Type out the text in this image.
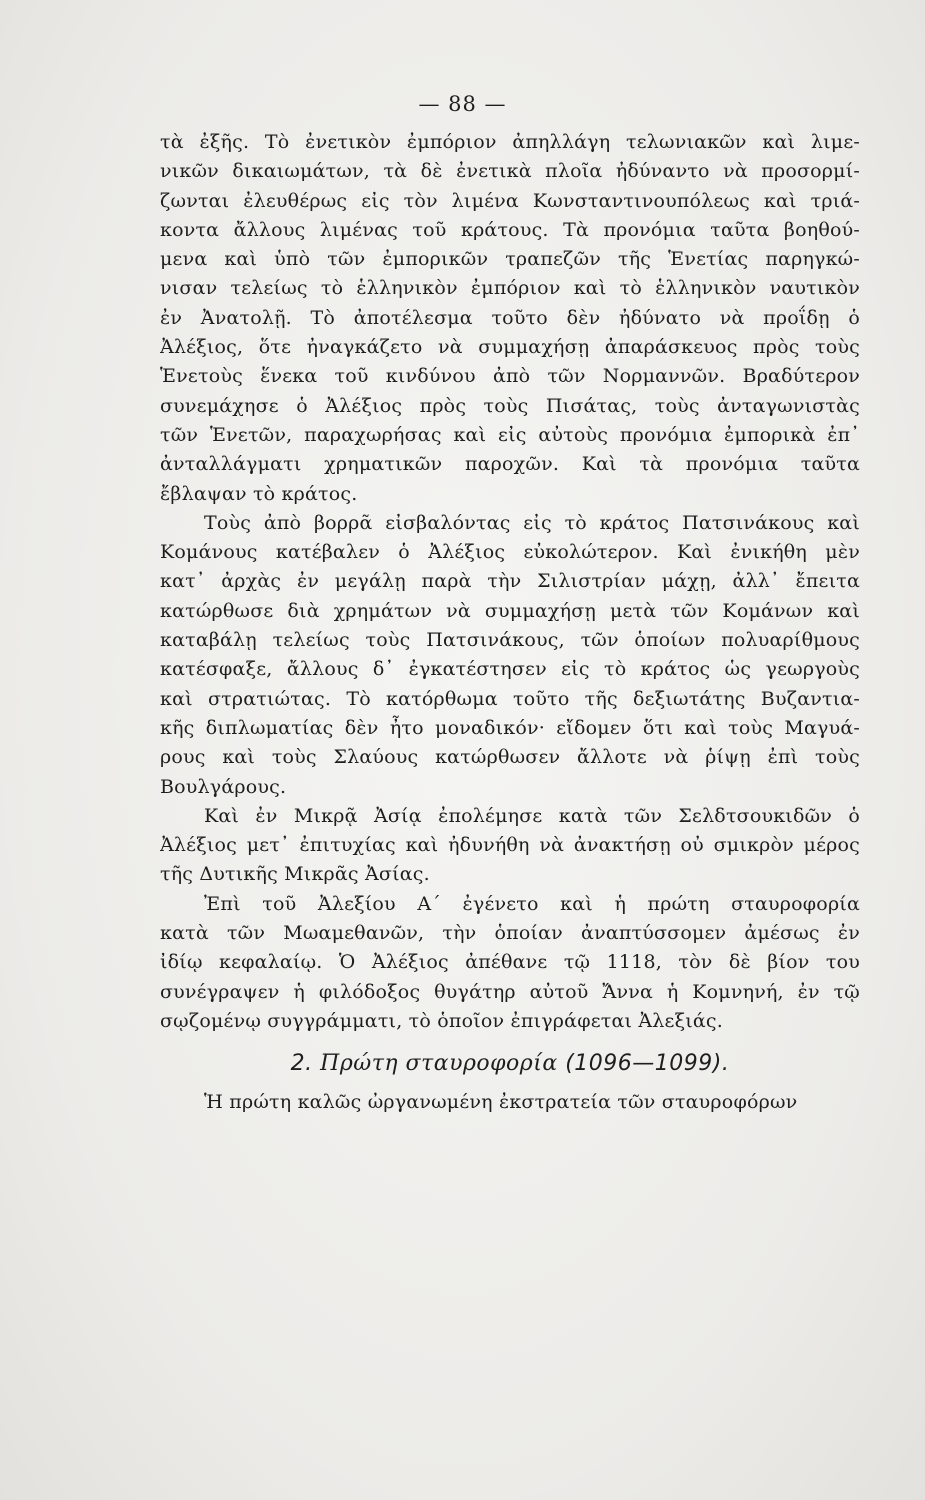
— 88 —
τὰ ἐξῆς. Τὸ ἐνετικὸν ἐμπόριον ἀπηλλάγη τελωνιακῶν καὶ λιμε-
νικῶν δικαιωμάτων, τὰ δὲ ἐνετικὰ πλοῖα ἠδύναντο νὰ προσορμί-
ζωνται ἐλευθέρως εἰς τὸν λιμένα Κωνσταντινουπόλεως καὶ τριά-
κοντα ἄλλους λιμένας τοῦ κράτους. Τὰ προνόμια ταῦτα βοηθού-
μενα καὶ ὑπὸ τῶν ἐμπορικῶν τραπεζῶν τῆς Ἑνετίας παρηγκώ-
νισαν τελείως τὸ ἑλληνικὸν ἐμπόριον καὶ τὸ ἑλληνικὸν ναυτικὸν
ἐν Ἀνατολῇ. Τὸ ἀποτέλεσμα τοῦτο δὲν ἠδύνατο νὰ προΐδῃ ὁ
Ἀλέξιος, ὅτε ἠναγκάζετο νὰ συμμαχήσῃ ἀπαράσκευος πρὸς τοὺς
Ἑνετοὺς ἕνεκα τοῦ κινδύνου ἀπὸ τῶν Νορμαννῶν. Βραδύτερον
συνεμάχησε ὁ Ἀλέξιος πρὸς τοὺς Πισάτας, τοὺς ἀνταγωνιστὰς
τῶν Ἑνετῶν, παραχωρήσας καὶ εἰς αὐτοὺς προνόμια ἐμπορικὰ ἐπ᾽
ἀνταλλάγματι χρηματικῶν παροχῶν. Καὶ τὰ προνόμια ταῦτα
ἔβλαψαν τὸ κράτος.
Τοὺς ἀπὸ βορρᾶ εἰσβαλόντας εἰς τὸ κράτος Πατσινάκους καὶ
Κομάνους κατέβαλεν ὁ Ἀλέξιος εὐκολώτερον. Καὶ ἐνικήθη μὲν
κατ᾽ ἀρχὰς ἐν μεγάλῃ παρὰ τὴν Σιλιστρίαν μάχῃ, ἀλλ᾽ ἔπειτα
κατώρθωσε διὰ χρημάτων νὰ συμμαχήσῃ μετὰ τῶν Κομάνων καὶ
καταβάλῃ τελείως τοὺς Πατσινάκους, τῶν ὁποίων πολυαρίθμους
κατέσφαξε, ἄλλους δ᾽ ἐγκατέστησεν εἰς τὸ κράτος ὡς γεωργοὺς
καὶ στρατιώτας. Τὸ κατόρθωμα τοῦτο τῆς δεξιωτάτης Βυζαντια-
κῆς διπλωματίας δὲν ἦτο μοναδικόν· εἴδομεν ὅτι καὶ τοὺς Μαγυά-
ρους καὶ τοὺς Σλαύους κατώρθωσεν ἄλλοτε νὰ ῥίψῃ ἐπὶ τοὺς
Βουλγάρους.
Καὶ ἐν Μικρᾷ Ἀσίᾳ ἐπολέμησε κατὰ τῶν Σελδτσουκιδῶν ὁ
Ἀλέξιος μετ᾽ ἐπιτυχίας καὶ ἠδυνήθη νὰ ἀνακτήσῃ οὐ σμικρὸν μέρος
τῆς Δυτικῆς Μικρᾶς Ἀσίας.
Ἐπὶ τοῦ Ἀλεξίου Α΄ ἐγένετο καὶ ἡ πρώτη σταυροφορία
κατὰ τῶν Μωαμεθανῶν, τὴν ὁποίαν ἀναπτύσσομεν ἀμέσως ἐν
ἰδίῳ κεφαλαίῳ. Ὁ Ἀλέξιος ἀπέθανε τῷ 1118, τὸν δὲ βίον του
συνέγραψεν ἡ φιλόδοξος θυγάτηρ αὐτοῦ Ἄννα ἡ Κομνηνή, ἐν τῷ
σῳζομένῳ συγγράμματι, τὸ ὁποῖον ἐπιγράφεται Ἀλεξιάς.
2. Πρώτη σταυροφορία (1096—1099).
Ἡ πρώτη καλῶς ὠργανωμένη ἐκστρατεία τῶν σταυροφόρων
